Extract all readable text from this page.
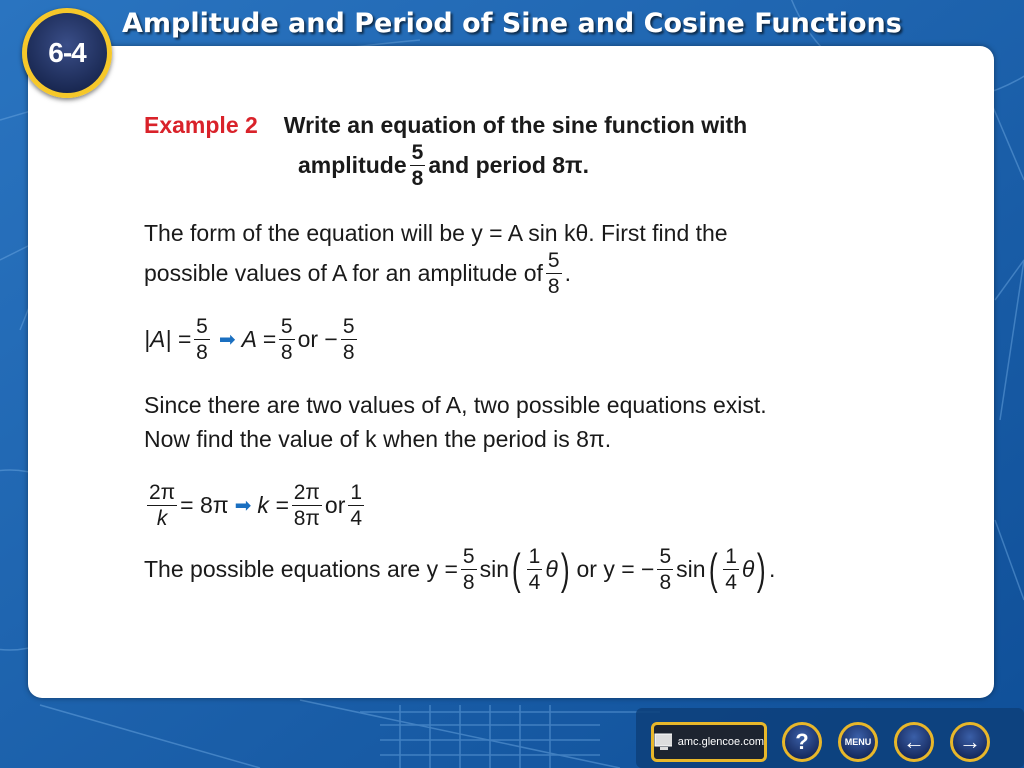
6-4
Amplitude and Period of Sine and Cosine Functions
Example 2 Write an equation of the sine function with
amplitude $\frac{5}{8}$ and period 8π.
The form of the equation will be y = A sin kθ. First find the
possible values of A for an amplitude of $\frac{5}{8}$ .
$|A| = \frac{5}{8}$ ➡ $A = \frac{5}{8}$ or − $\frac{5}{8}$
Since there are two values of A, two possible equations exist.
Now find the value of k when the period is 8π.
$\frac{2\pi}{k} = 8\pi$ ➡ $k = \frac{2\pi}{8\pi}$ or $\frac{1}{4}$
The possible equations are $y = \frac{5}{8}$ sin ( $\frac{1}{4}$ θ ) or y = − $\frac{5}{8}$ sin ( $\frac{1}{4}$ θ ) .
amc.glencoe.com ?	MENU ← →
